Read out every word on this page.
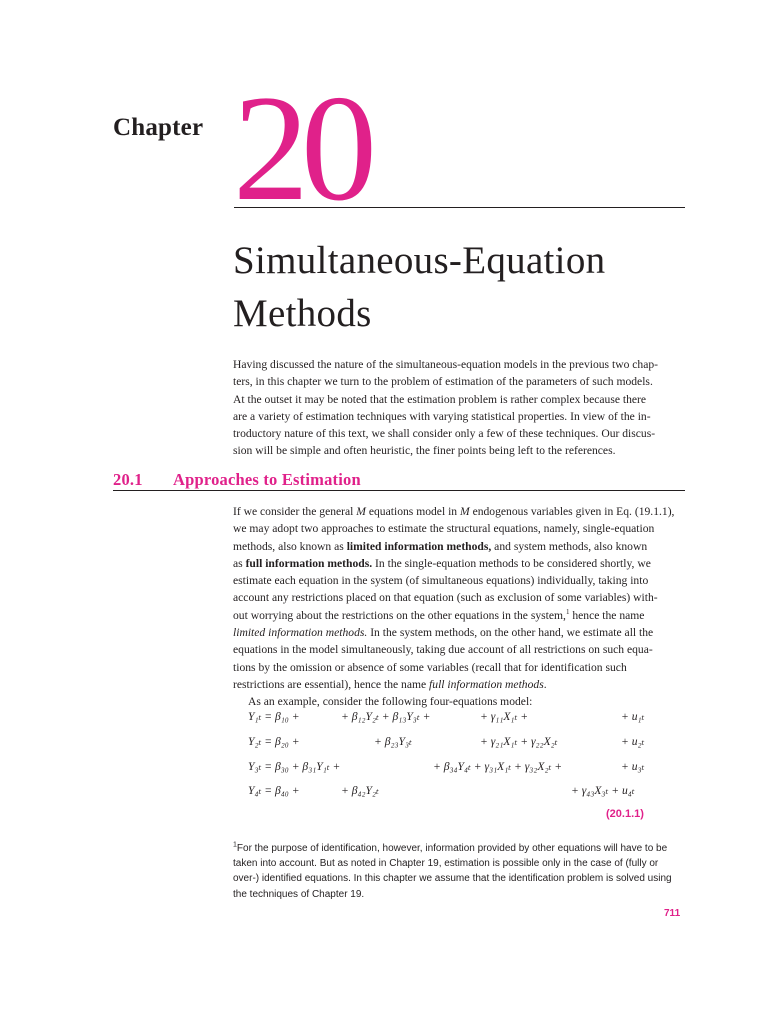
Chapter 20
Simultaneous-Equation
Methods
Having discussed the nature of the simultaneous-equation models in the previous two chap-
ters, in this chapter we turn to the problem of estimation of the parameters of such models.
At the outset it may be noted that the estimation problem is rather complex because there
are a variety of estimation techniques with varying statistical properties. In view of the in-
troductory nature of this text, we shall consider only a few of these techniques. Our discus-
sion will be simple and often heuristic, the finer points being left to the references.
20.1 Approaches to Estimation
If we consider the general M equations model in M endogenous variables given in Eq. (19.1.1),
we may adopt two approaches to estimate the structural equations, namely, single-equation
methods, also known as limited information methods, and system methods, also known
as full information methods. In the single-equation methods to be considered shortly, we
estimate each equation in the system (of simultaneous equations) individually, taking into
account any restrictions placed on that equation (such as exclusion of some variables) with-
out worrying about the restrictions on the other equations in the system,$^1$ hence the name
limited information methods. In the system methods, on the other hand, we estimate all the
equations in the model simultaneously, taking due account of all restrictions on such equa-
tions by the omission or absence of some variables (recall that for identification such
restrictions are essential), hence the name full information methods.
As an example, consider the following four-equations model:
Y₁ₜ = β₁₀ +	+ β₁₂Y₂ₜ + β₁₃Y₃ₜ +	+ γ₁₁X₁ₜ +	+ u₁ₜ
Y₂ₜ = β₂₀ +	+ β₂₃Y₃ₜ	+ γ₂₁X₁ₜ + γ₂₂X₂ₜ	+ u₂ₜ
Y₃ₜ = β₃₀ + β₃₁Y₁ₜ +	+ β₃₄Y₄ₜ + γ₃₁X₁ₜ + γ₃₂X₂ₜ +	+ u₃ₜ
Y₄ₜ = β₄₀ +	+ β₄₂Y₂ₜ	+ γ₄₃X₃ₜ + u₄ₜ
(20.1.1)
$^1$For the purpose of identification, however, information provided by other equations will have to be
taken into account. But as noted in Chapter 19, estimation is possible only in the case of (fully or
over-) identified equations. In this chapter we assume that the identification problem is solved using
the techniques of Chapter 19.
711
